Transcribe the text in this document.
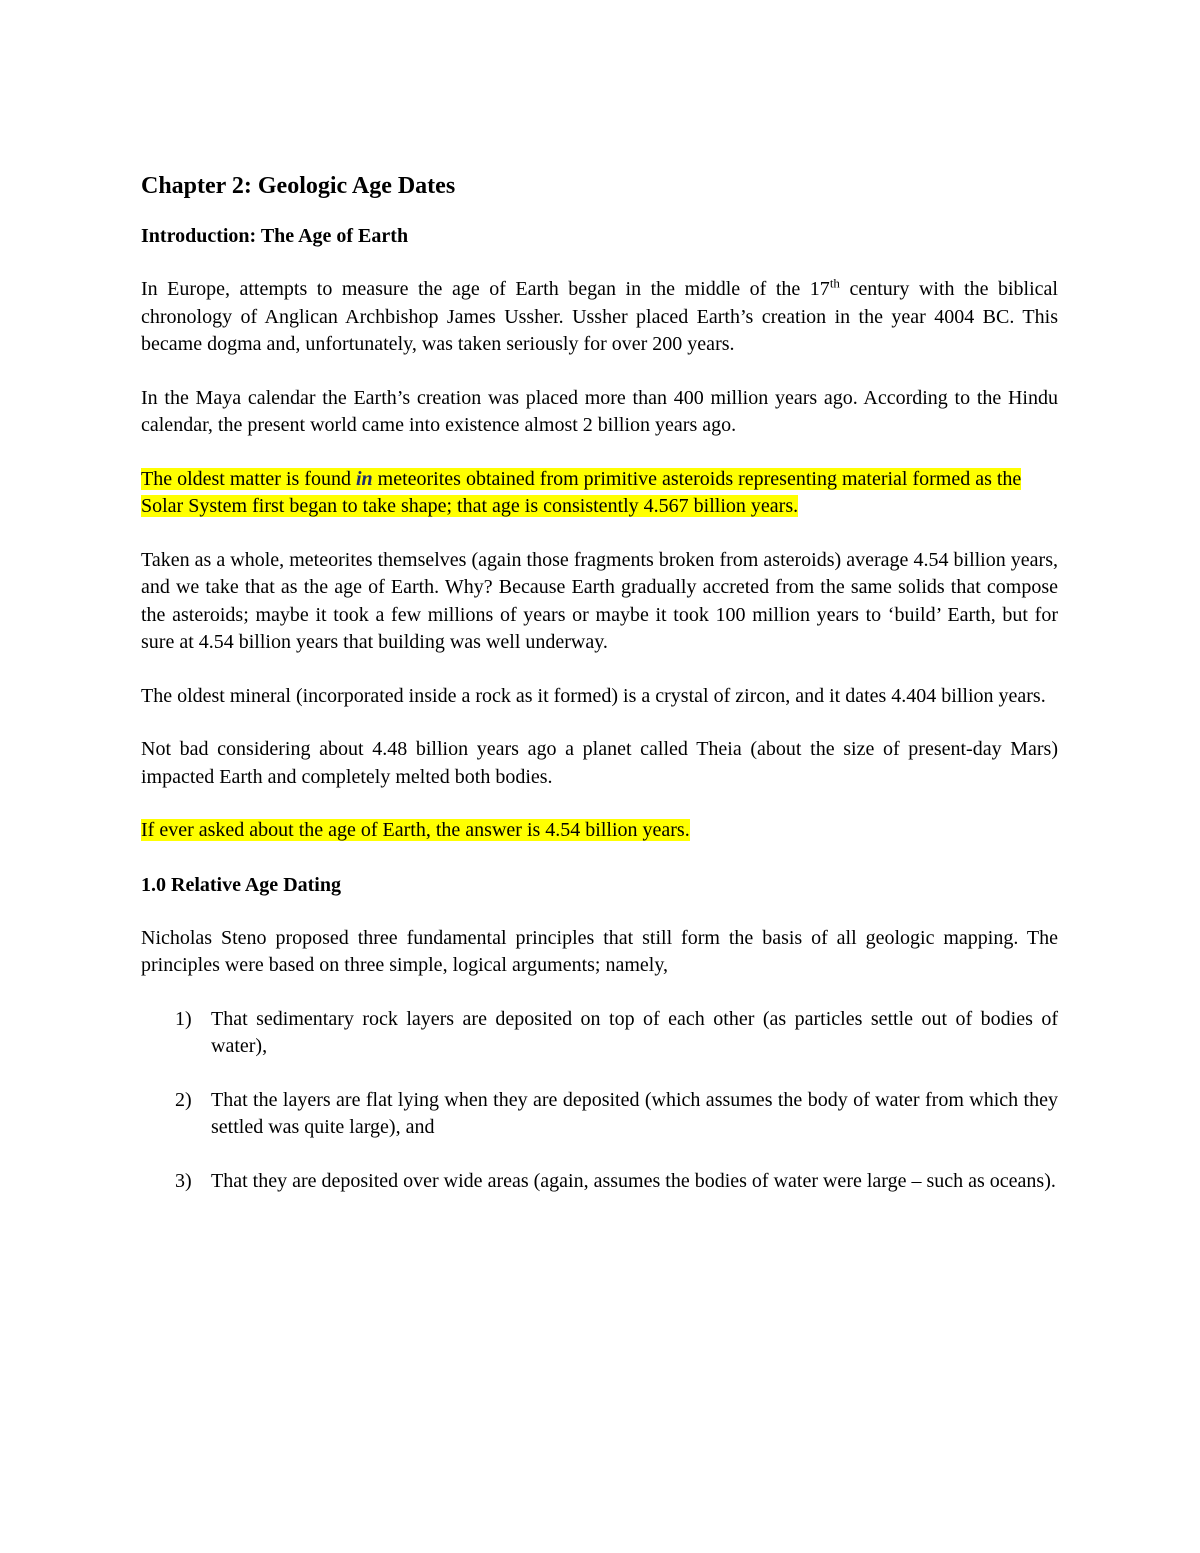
Chapter 2: Geologic Age Dates
Introduction: The Age of Earth

In Europe, attempts to measure the age of Earth began in the middle of the 17th century with the biblical chronology of Anglican Archbishop James Ussher. Ussher placed Earth’s creation in the year 4004 BC. This became dogma and, unfortunately, was taken seriously for over 200 years.

In the Maya calendar the Earth’s creation was placed more than 400 million years ago. According to the Hindu calendar, the present world came into existence almost 2 billion years ago.

The oldest matter is found in meteorites obtained from primitive asteroids representing material formed as the Solar System first began to take shape; that age is consistently 4.567 billion years.

Taken as a whole, meteorites themselves (again those fragments broken from asteroids) average 4.54 billion years, and we take that as the age of Earth. Why? Because Earth gradually accreted from the same solids that compose the asteroids; maybe it took a few millions of years or maybe it took 100 million years to ‘build’ Earth, but for sure at 4.54 billion years that building was well underway.

The oldest mineral (incorporated inside a rock as it formed) is a crystal of zircon, and it dates 4.404 billion years.

Not bad considering about 4.48 billion years ago a planet called Theia (about the size of present-day Mars) impacted Earth and completely melted both bodies.

If ever asked about the age of Earth, the answer is 4.54 billion years.

1.0 Relative Age Dating

Nicholas Steno proposed three fundamental principles that still form the basis of all geologic mapping. The principles were based on three simple, logical arguments; namely,

1) That sedimentary rock layers are deposited on top of each other (as particles settle out of bodies of water),
2) That the layers are flat lying when they are deposited (which assumes the body of water from which they settled was quite large), and
3) That they are deposited over wide areas (again, assumes the bodies of water were large – such as oceans).
